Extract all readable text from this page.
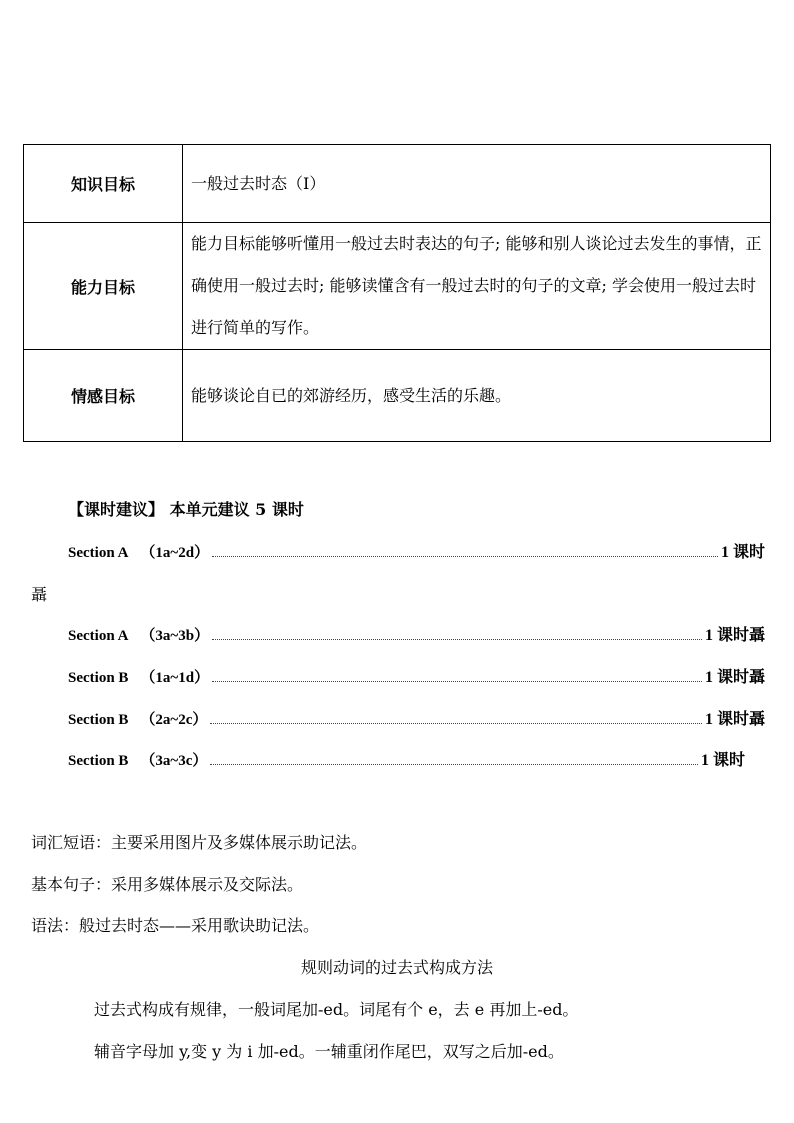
知识目标	一般过去时态（Ⅰ）
能力目标	能力目标能够听懂用一般过去时表达的句子; 能够和别人谈论过去发生的事情，正确使用一般过去时; 能够读懂含有一般过去时的句子的文章; 学会使用一般过去时进行简单的写作。
情感目标	能够谈论自已的郊游经历，感受生活的乐趣。
【课时建议】 本单元建议 5 课时
Section A （1a~2d）	1 课时
聶
Section A （3a~3b）	1 课时聶
Section B （1a~1d）	1 课时聶
Section B （2a~2c）	1 课时聶
Section B （3a~3c）	1 课时
词汇短语：主要采用图片及多媒体展示助记法。
基本句子：采用多媒体展示及交际法。
语法：般过去时态——采用歌诀助记法。
规则动词的过去式构成方法
过去式构成有规律，一般词尾加-ed。词尾有个 e，去 e 再加上-ed。
辅音字母加 y,变 y 为 i 加-ed。一辅重闭作尾巴，双写之后加-ed。
